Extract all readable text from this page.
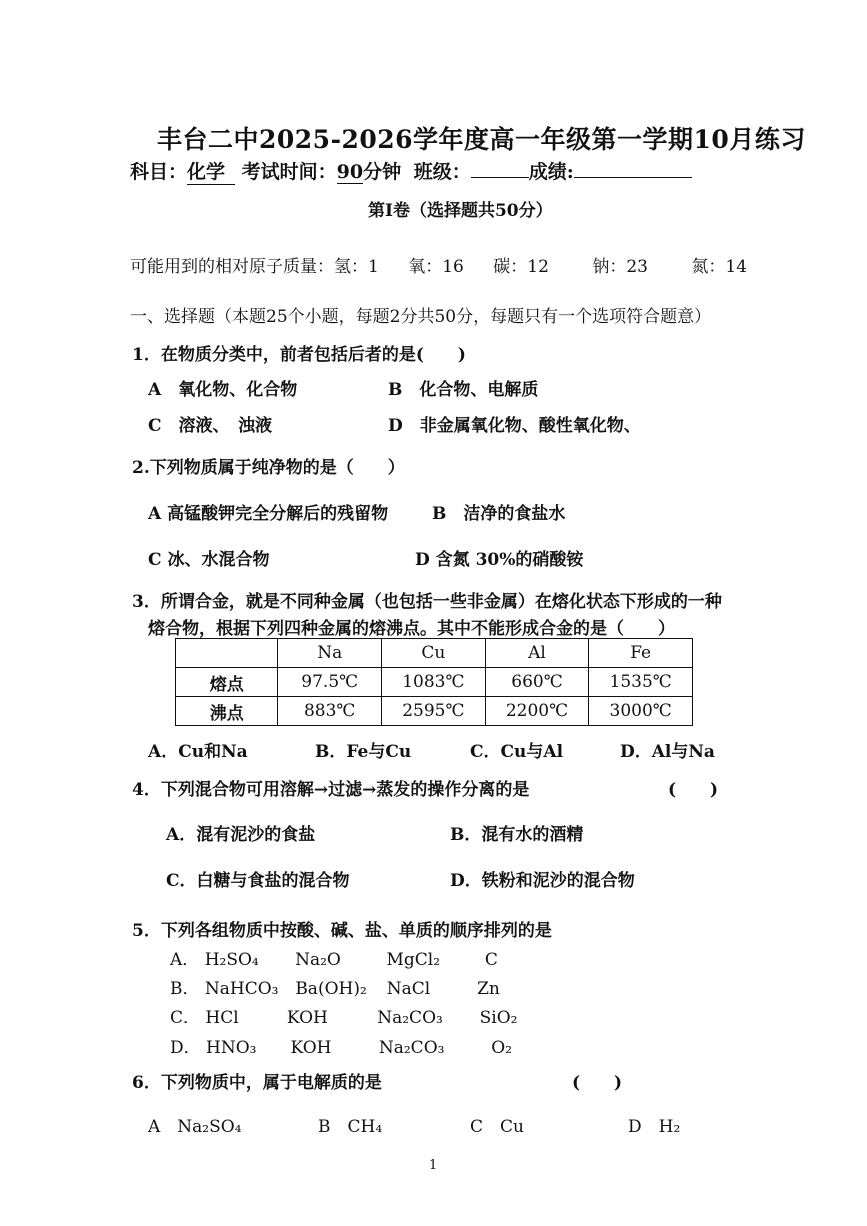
丰台二中2025-2026学年度高一年级第一学期10月练习
科目：化学 考试时间：90分钟 班级：	成绩:
第Ⅰ卷（选择题共50分）
可能用到的相对原子质量：氢：1 氧：16 碳：12	钠：23	氮：14
一、选择题（本题25个小题，每题2分共50分，每题只有一个选项符合题意）
1．在物质分类中，前者包括后者的是(　　)
A　氧化物、化合物	B　化合物、电解质
C　溶液、　浊液	D　非金属氧化物、酸性氧化物、
2.下列物质属于纯净物的是（　　）
A 高锰酸钾完全分解后的残留物	B　洁净的食盐水
C 冰、水混合物	D 含氮 30%的硝酸铵
3．所谓合金，就是不同种金属（也包括一些非金属）在熔化状态下形成的一种
熔合物，根据下列四种金属的熔沸点。其中不能形成合金的是（　　）
	Na	Cu	Al	Fe
熔点	97.5℃	1083℃	660℃	1535℃
沸点	883℃	2595℃	2200℃	3000℃
A．Cu和Na	B．Fe与Cu	C．Cu与Al	D．Al与Na
4．下列混合物可用溶解→过滤→蒸发的操作分离的是	(　　)
A．混有泥沙的食盐	B．混有水的酒精
C．白糖与食盐的混合物	D．铁粉和泥沙的混合物
5．下列各组物质中按酸、碱、盐、单质的顺序排列的是
A． H₂SO₄ Na₂O	MgCl₂	C
B． NaHCO₃ Ba(OH)₂ NaCl	Zn
C． HCl	KOH	Na₂CO₃ SiO₂
D． HNO₃ KOH	Na₂CO₃	O₂
6．下列物质中，属于电解质的是	(　　)
A　Na₂SO₄	B　CH₄	C　Cu	D　H₂
1
